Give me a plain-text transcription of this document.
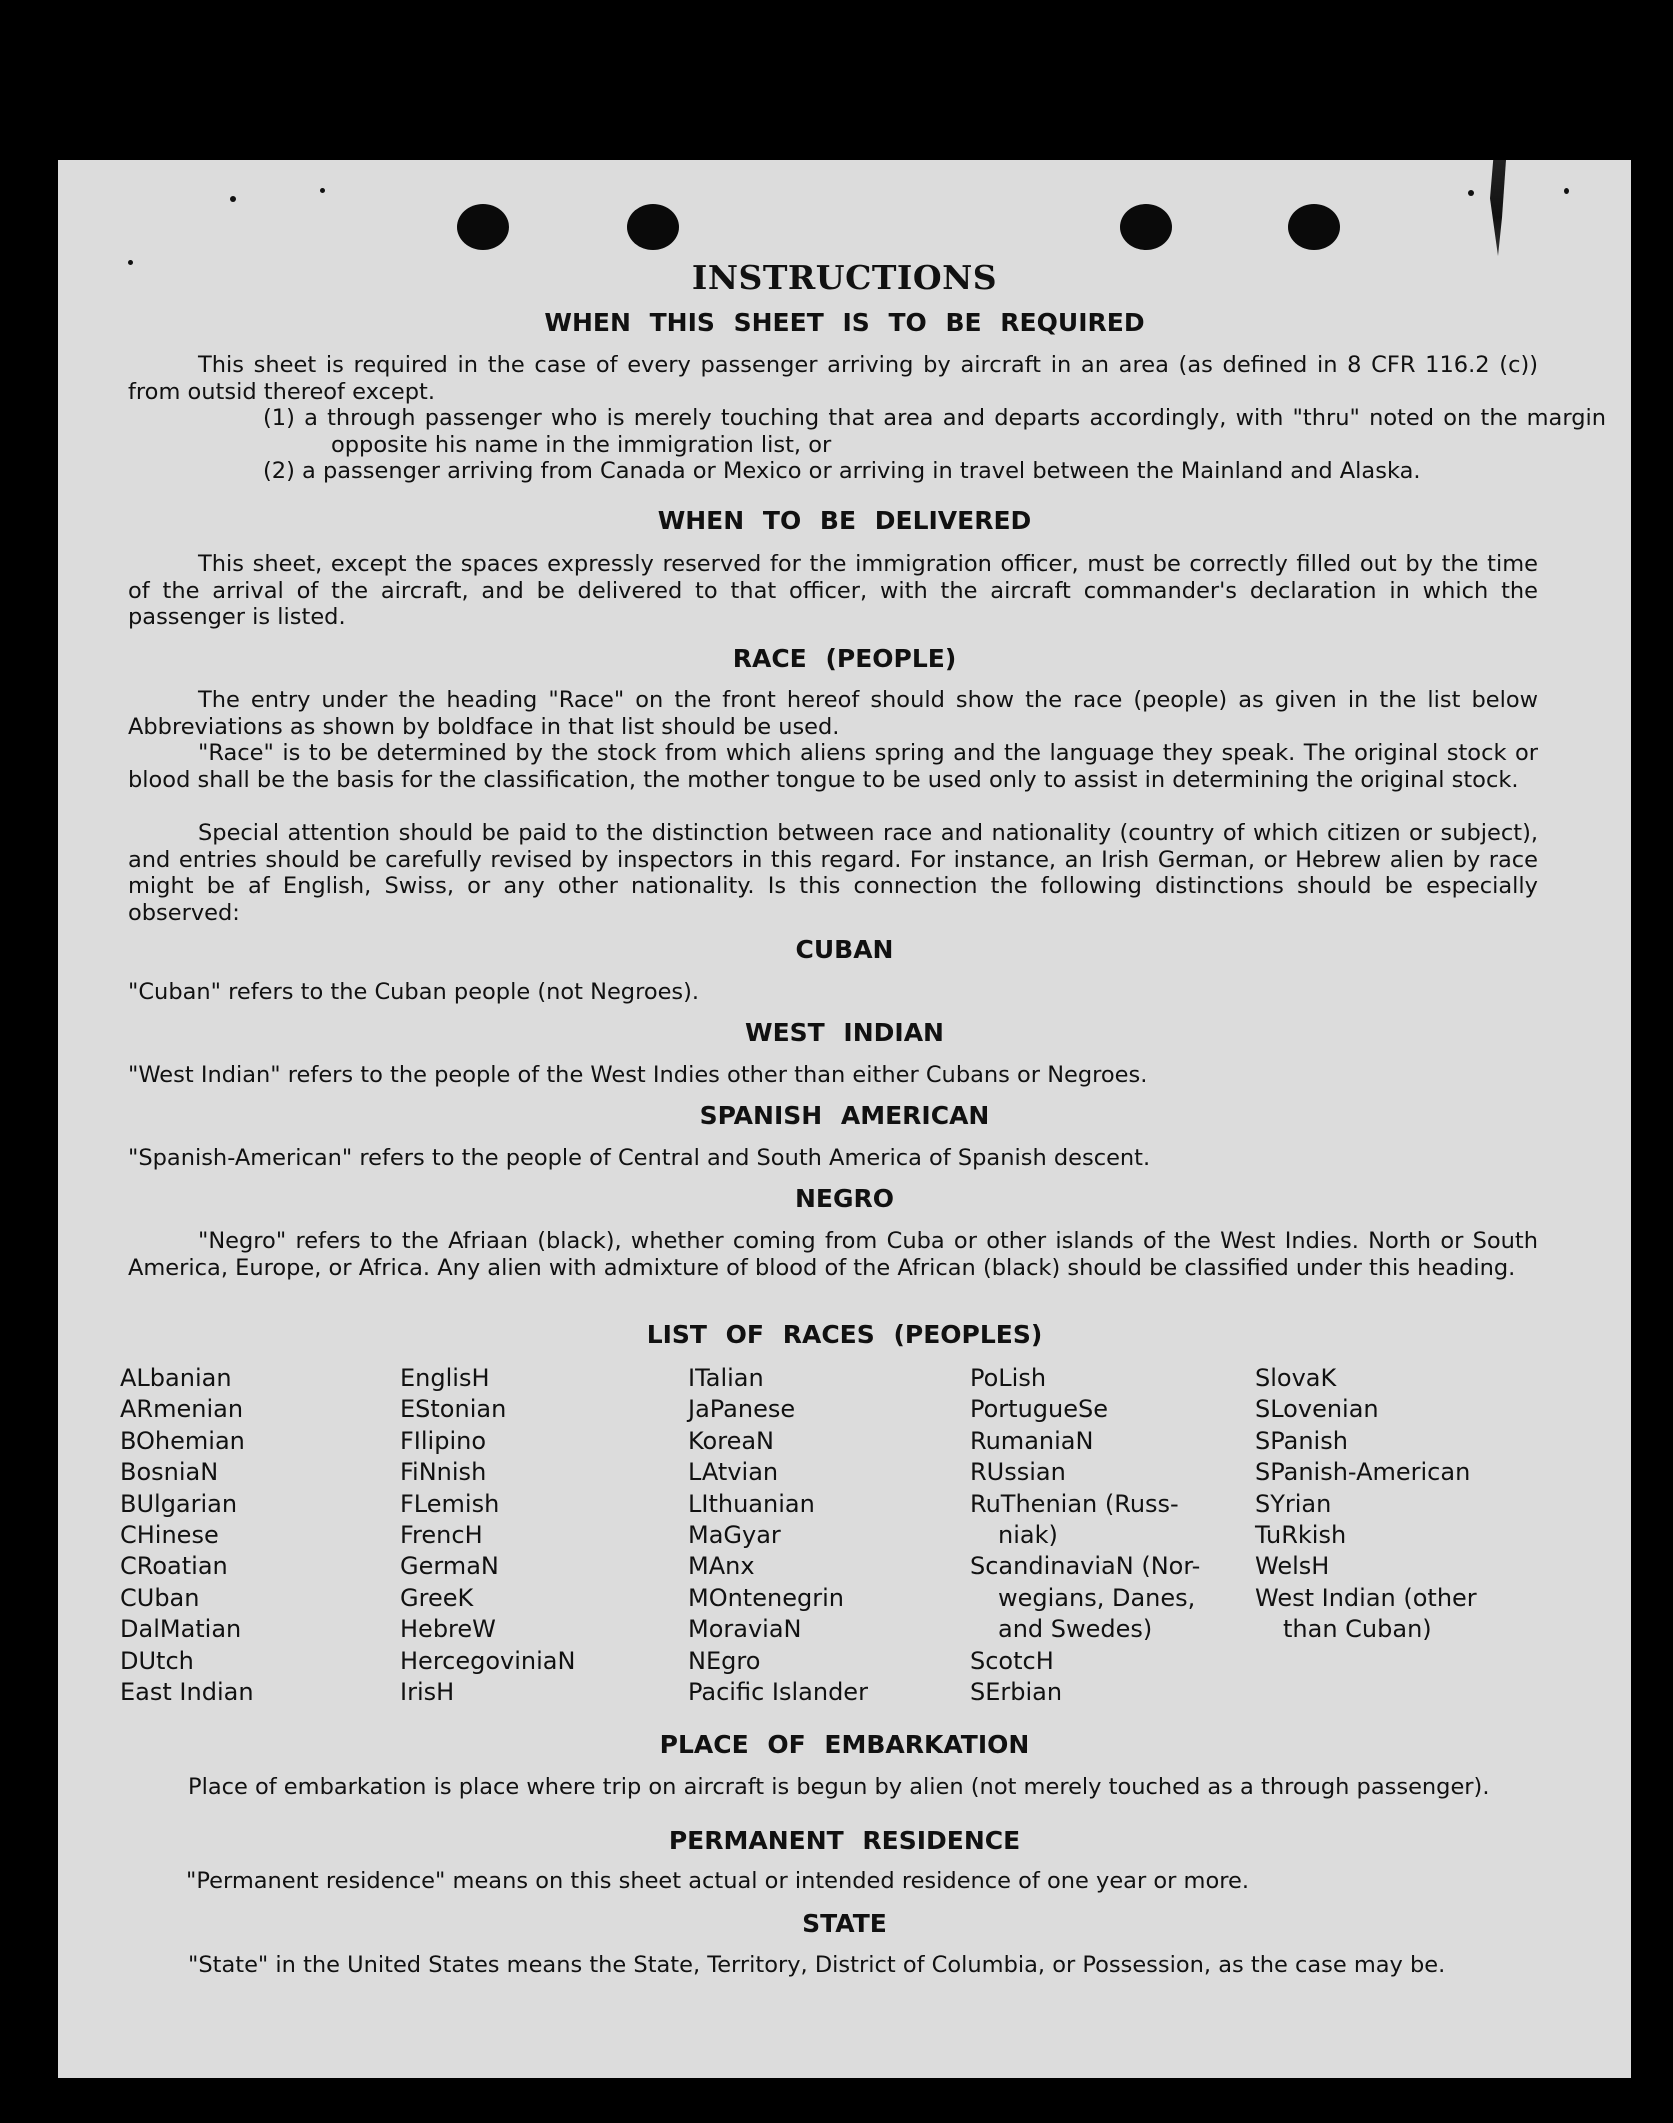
INSTRUCTIONS
WHEN THIS SHEET IS TO BE REQUIRED

This sheet is required in the case of every passenger arriving by aircraft in an area (as defined in 8 CFR 116.2 (c)) from outsid thereof except.

(1) a through passenger who is merely touching that area and departs accordingly, with "thru" noted on the margin opposite his name in the immigration list, or

(2) a passenger arriving from Canada or Mexico or arriving in travel between the Mainland and Alaska.

WHEN TO BE DELIVERED

This sheet, except the spaces expressly reserved for the immigration officer, must be correctly filled out by the time of the arrival of the aircraft, and be delivered to that officer, with the aircraft commander's declaration in which the passenger is listed.

RACE (PEOPLE)

The entry under the heading "Race" on the front hereof should show the race (people) as given in the list below Abbreviations as shown by boldface in that list should be used.

"Race" is to be determined by the stock from which aliens spring and the language they speak. The original stock or blood shall be the basis for the classification, the mother tongue to be used only to assist in determining the original stock.

Special attention should be paid to the distinction between race and nationality (country of which citizen or subject), and entries should be carefully revised by inspectors in this regard. For instance, an Irish German, or Hebrew alien by race might be af English, Swiss, or any other nationality. Is this connection the following distinctions should be especially observed:

CUBAN

"Cuban" refers to the Cuban people (not Negroes).

WEST INDIAN

"West Indian" refers to the people of the West Indies other than either Cubans or Negroes.

SPANISH AMERICAN

"Spanish-American" refers to the people of Central and South America of Spanish descent.

NEGRO

"Negro" refers to the Afriaan (black), whether coming from Cuba or other islands of the West Indies. North or South America, Europe, or Africa. Any alien with admixture of blood of the African (black) should be classified under this heading.

LIST OF RACES (PEOPLES)
ALbanian
ARmenian
BOhemian
BosniaN
BUlgarian
CHinese
CRoatian
CUban
DalMatian
DUtch
East Indian
EnglisH
EStonian
FIlipino
FiNnish
FLemish
FrencH
GermaN
GreeK
HebreW
HercegoviniaN
IrisH
ITalian
JaPanese
KoreaN
LAtvian
LIthuanian
MaGyar
MAnx
MOntenegrin
MoraviaN
NEgro
Pacific Islander
PoLish
PortugueSe
RumaniaN
RUssian
RuThenian (Russ-
niak)
ScandinaviaN (Nor-
wegians, Danes,
and Swedes)
ScotcH
SErbian
SlovaK
SLovenian
SPanish
SPanish-American
SYrian
TuRkish
WelsH
West Indian (other
than Cuban)
PLACE OF EMBARKATION

Place of embarkation is place where trip on aircraft is begun by alien (not merely touched as a through passenger).

PERMANENT RESIDENCE

"Permanent residence" means on this sheet actual or intended residence of one year or more.

STATE

"State" in the United States means the State, Territory, District of Columbia, or Possession, as the case may be.
